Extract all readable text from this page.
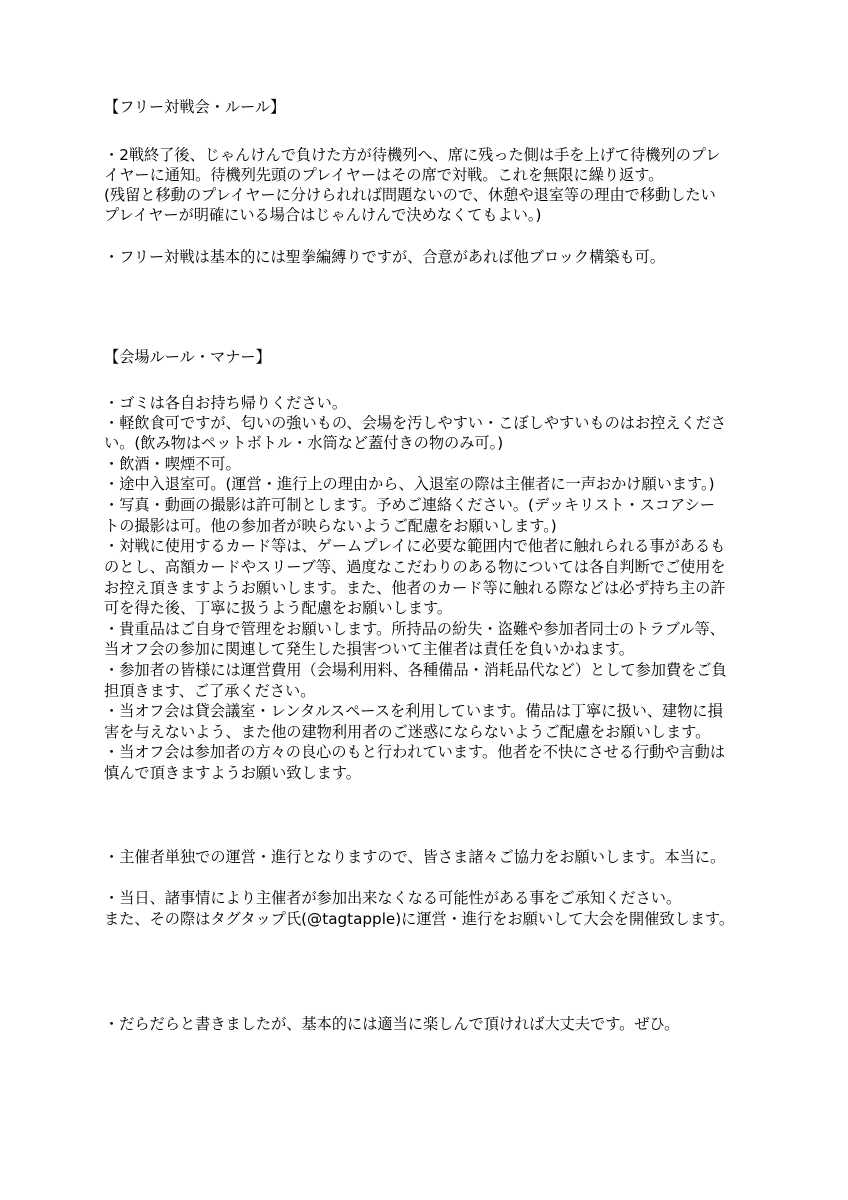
【フリー対戦会・ルール】
・2戦終了後、じゃんけんで負けた方が待機列へ、席に残った側は手を上げて待機列のプレ
イヤーに通知。待機列先頭のプレイヤーはその席で対戦。これを無限に繰り返す。
(残留と移動のプレイヤーに分けられれば問題ないので、休憩や退室等の理由で移動したい
プレイヤーが明確にいる場合はじゃんけんで決めなくてもよい。)
・フリー対戦は基本的には聖拳編縛りですが、合意があれば他ブロック構築も可。
【会場ルール・マナー】
・ゴミは各自お持ち帰りください。
・軽飲食可ですが、匂いの強いもの、会場を汚しやすい・こぼしやすいものはお控えくださ
い。(飲み物はペットボトル・水筒など蓋付きの物のみ可。)
・飲酒・喫煙不可。
・途中入退室可。(運営・進行上の理由から、入退室の際は主催者に一声おかけ願います。)
・写真・動画の撮影は許可制とします。予めご連絡ください。(デッキリスト・スコアシー
トの撮影は可。他の参加者が映らないようご配慮をお願いします。)
・対戦に使用するカード等は、ゲームプレイに必要な範囲内で他者に触れられる事があるも
のとし、高額カードやスリーブ等、過度なこだわりのある物については各自判断でご使用を
お控え頂きますようお願いします。また、他者のカード等に触れる際などは必ず持ち主の許
可を得た後、丁寧に扱うよう配慮をお願いします。
・貴重品はご自身で管理をお願いします。所持品の紛失・盗難や参加者同士のトラブル等、
当オフ会の参加に関連して発生した損害ついて主催者は責任を負いかねます。
・参加者の皆様には運営費用（会場利用料、各種備品・消耗品代など）として参加費をご負
担頂きます、ご了承ください。
・当オフ会は貸会議室・レンタルスペースを利用しています。備品は丁寧に扱い、建物に損
害を与えないよう、また他の建物利用者のご迷惑にならないようご配慮をお願いします。
・当オフ会は参加者の方々の良心のもと行われています。他者を不快にさせる行動や言動は
慎んで頂きますようお願い致します。
・主催者単独での運営・進行となりますので、皆さま諸々ご協力をお願いします。本当に。
・当日、諸事情により主催者が参加出来なくなる可能性がある事をご承知ください。
また、その際はタグタップ氏(@tagtapple)に運営・進行をお願いして大会を開催致します。
・だらだらと書きましたが、基本的には適当に楽しんで頂ければ大丈夫です。ぜひ。
